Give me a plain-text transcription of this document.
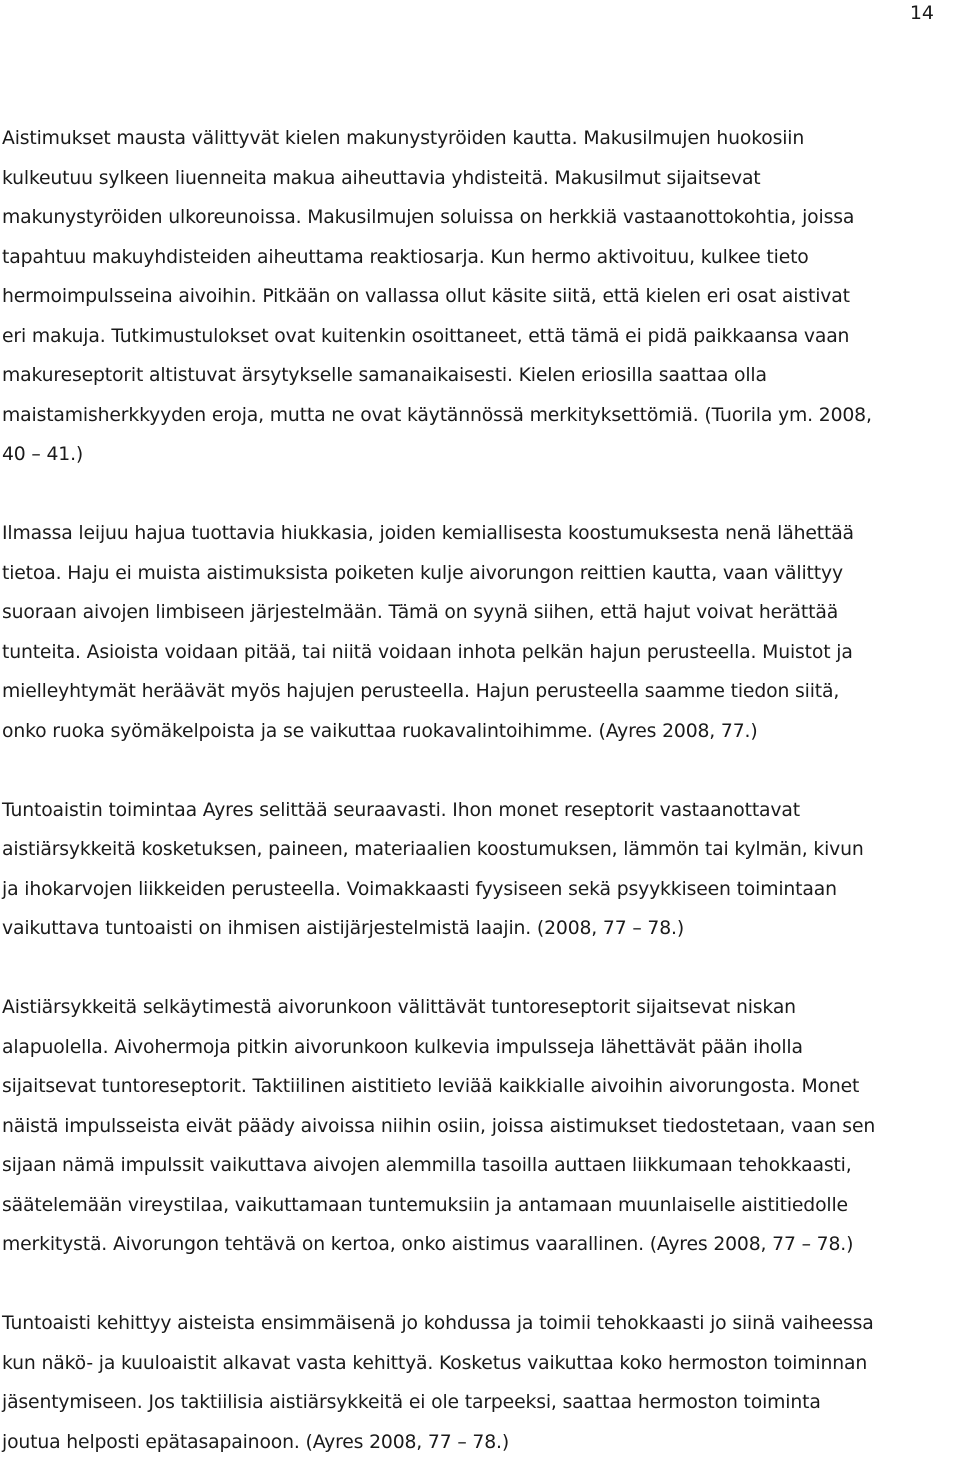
14

Aistimukset mausta välittyvät kielen makunystyröiden kautta. Makusilmujen huokosiin
kulkeutuu sylkeen liuenneita makua aiheuttavia yhdisteitä. Makusilmut sijaitsevat
makunystyröiden ulkoreunoissa. Makusilmujen soluissa on herkkiä vastaanottokohtia, joissa
tapahtuu makuyhdisteiden aiheuttama reaktiosarja. Kun hermo aktivoituu, kulkee tieto
hermoimpulsseina aivoihin. Pitkään on vallassa ollut käsite siitä, että kielen eri osat aistivat
eri makuja. Tutkimustulokset ovat kuitenkin osoittaneet, että tämä ei pidä paikkaansa vaan
makureseptorit altistuvat ärsytykselle samanaikaisesti. Kielen eriosilla saattaa olla
maistamisherkkyyden eroja, mutta ne ovat käytännössä merkityksettömiä. (Tuorila ym. 2008,
40 – 41.)

Ilmassa leijuu hajua tuottavia hiukkasia, joiden kemiallisesta koostumuksesta nenä lähettää
tietoa. Haju ei muista aistimuksista poiketen kulje aivorungon reittien kautta, vaan välittyy
suoraan aivojen limbiseen järjestelmään. Tämä on syynä siihen, että hajut voivat herättää
tunteita. Asioista voidaan pitää, tai niitä voidaan inhota pelkän hajun perusteella. Muistot ja
mielleyhtymät heräävät myös hajujen perusteella. Hajun perusteella saamme tiedon siitä,
onko ruoka syömäkelpoista ja se vaikuttaa ruokavalintoihimme. (Ayres 2008, 77.)

Tuntoaistin toimintaa Ayres selittää seuraavasti. Ihon monet reseptorit vastaanottavat
aistiärsykkeitä kosketuksen, paineen, materiaalien koostumuksen, lämmön tai kylmän, kivun
ja ihokarvojen liikkeiden perusteella. Voimakkaasti fyysiseen sekä psyykkiseen toimintaan
vaikuttava tuntoaisti on ihmisen aistijärjestelmistä laajin. (2008, 77 – 78.)

Aistiärsykkeitä selkäytimestä aivorunkoon välittävät tuntoreseptorit sijaitsevat niskan
alapuolella. Aivohermoja pitkin aivorunkoon kulkevia impulsseja lähettävät pään iholla
sijaitsevat tuntoreseptorit. Taktiilinen aistitieto leviää kaikkialle aivoihin aivorungosta. Monet
näistä impulsseista eivät päädy aivoissa niihin osiin, joissa aistimukset tiedostetaan, vaan sen
sijaan nämä impulssit vaikuttava aivojen alemmilla tasoilla auttaen liikkumaan tehokkaasti,
säätelemään vireystilaa, vaikuttamaan tuntemuksiin ja antamaan muunlaiselle aistitiedolle
merkitystä. Aivorungon tehtävä on kertoa, onko aistimus vaarallinen. (Ayres 2008, 77 – 78.)

Tuntoaisti kehittyy aisteista ensimmäisenä jo kohdussa ja toimii tehokkaasti jo siinä vaiheessa
kun näkö- ja kuuloaistit alkavat vasta kehittyä. Kosketus vaikuttaa koko hermoston toiminnan
jäsentymiseen. Jos taktiilisia aistiärsykkeitä ei ole tarpeeksi, saattaa hermoston toiminta
joutua helposti epätasapainoon. (Ayres 2008, 77 – 78.)
